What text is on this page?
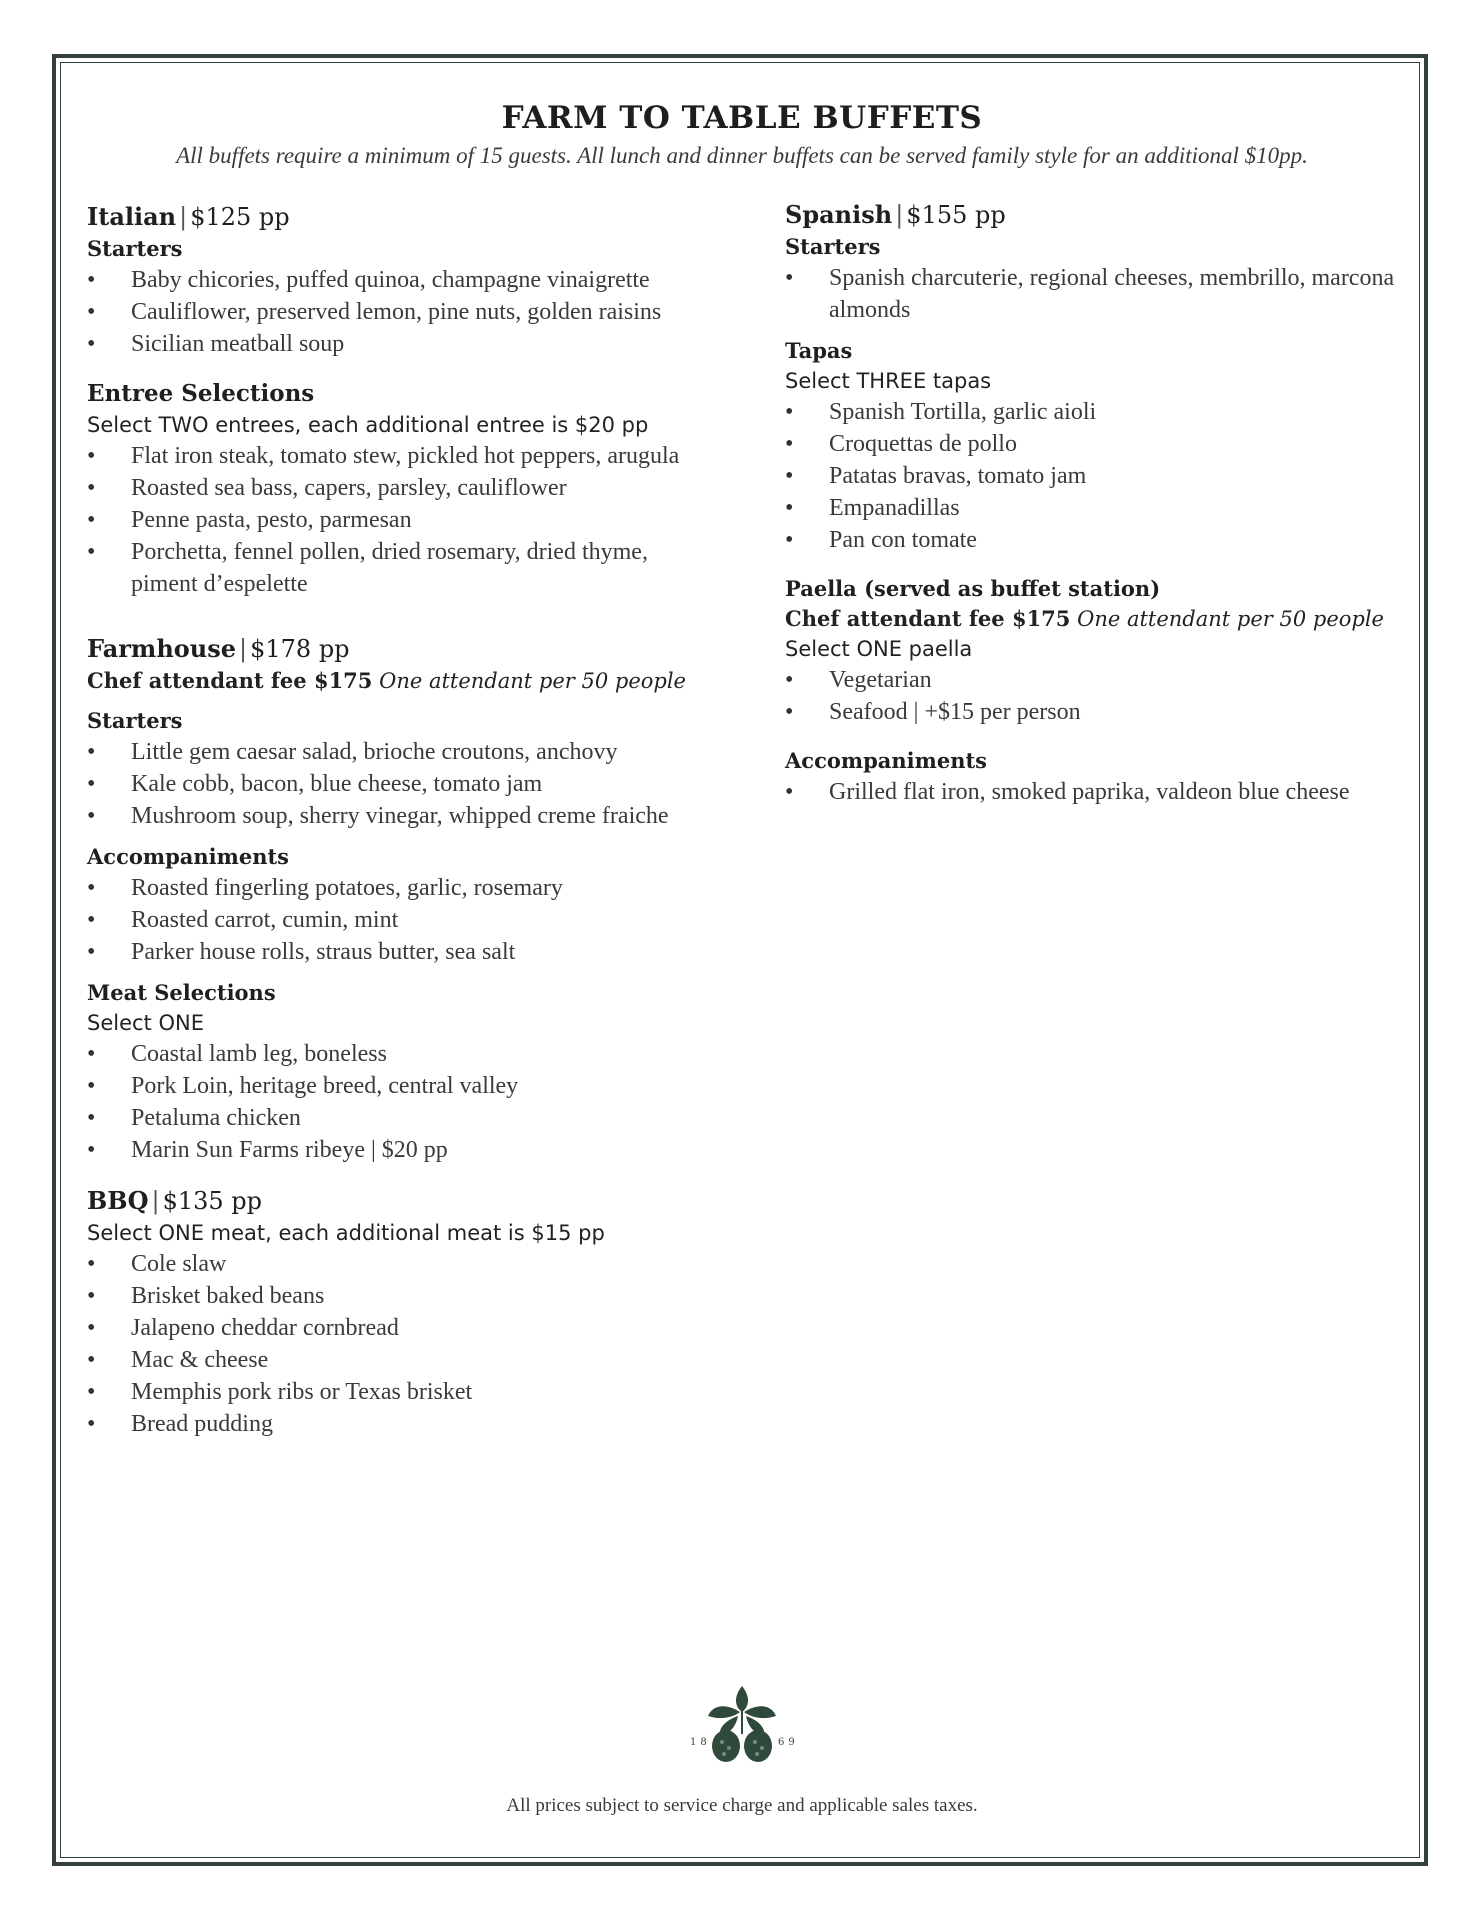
FARM TO TABLE BUFFETS
All buffets require a minimum of 15 guests. All lunch and dinner buffets can be served family style for an additional $10pp.
Italian | $125 pp
Starters
• Baby chicories, puffed quinoa, champagne vinaigrette
• Cauliflower, preserved lemon, pine nuts, golden raisins
• Sicilian meatball soup
Entree Selections
Select TWO entrees, each additional entree is $20 pp
• Flat iron steak, tomato stew, pickled hot peppers, arugula
• Roasted sea bass, capers, parsley, cauliflower
• Penne pasta, pesto, parmesan
• Porchetta, fennel pollen, dried rosemary, dried thyme, piment d’espelette
Farmhouse | $178 pp
Chef attendant fee $175 One attendant per 50 people
Starters
• Little gem caesar salad, brioche croutons, anchovy
• Kale cobb, bacon, blue cheese, tomato jam
• Mushroom soup, sherry vinegar, whipped creme fraiche
Accompaniments
• Roasted fingerling potatoes, garlic, rosemary
• Roasted carrot, cumin, mint
• Parker house rolls, straus butter, sea salt
Meat Selections
Select ONE
• Coastal lamb leg, boneless
• Pork Loin, heritage breed, central valley
• Petaluma chicken
• Marin Sun Farms ribeye | $20 pp
BBQ | $135 pp
Select ONE meat, each additional meat is $15 pp
• Cole slaw
• Brisket baked beans
• Jalapeno cheddar cornbread
• Mac & cheese
• Memphis pork ribs or Texas brisket
• Bread pudding
Spanish | $155 pp
Starters
• Spanish charcuterie, regional cheeses, membrillo, marcona almonds
Tapas
Select THREE tapas
• Spanish Tortilla, garlic aioli
• Croquettas de pollo
• Patatas bravas, tomato jam
• Empanadillas
• Pan con tomate
Paella (served as buffet station)
Chef attendant fee $175 One attendant per 50 people
Select ONE paella
• Vegetarian
• Seafood | +$15 per person
Accompaniments
• Grilled flat iron, smoked paprika, valdeon blue cheese
18	69
All prices subject to service charge and applicable sales taxes.
